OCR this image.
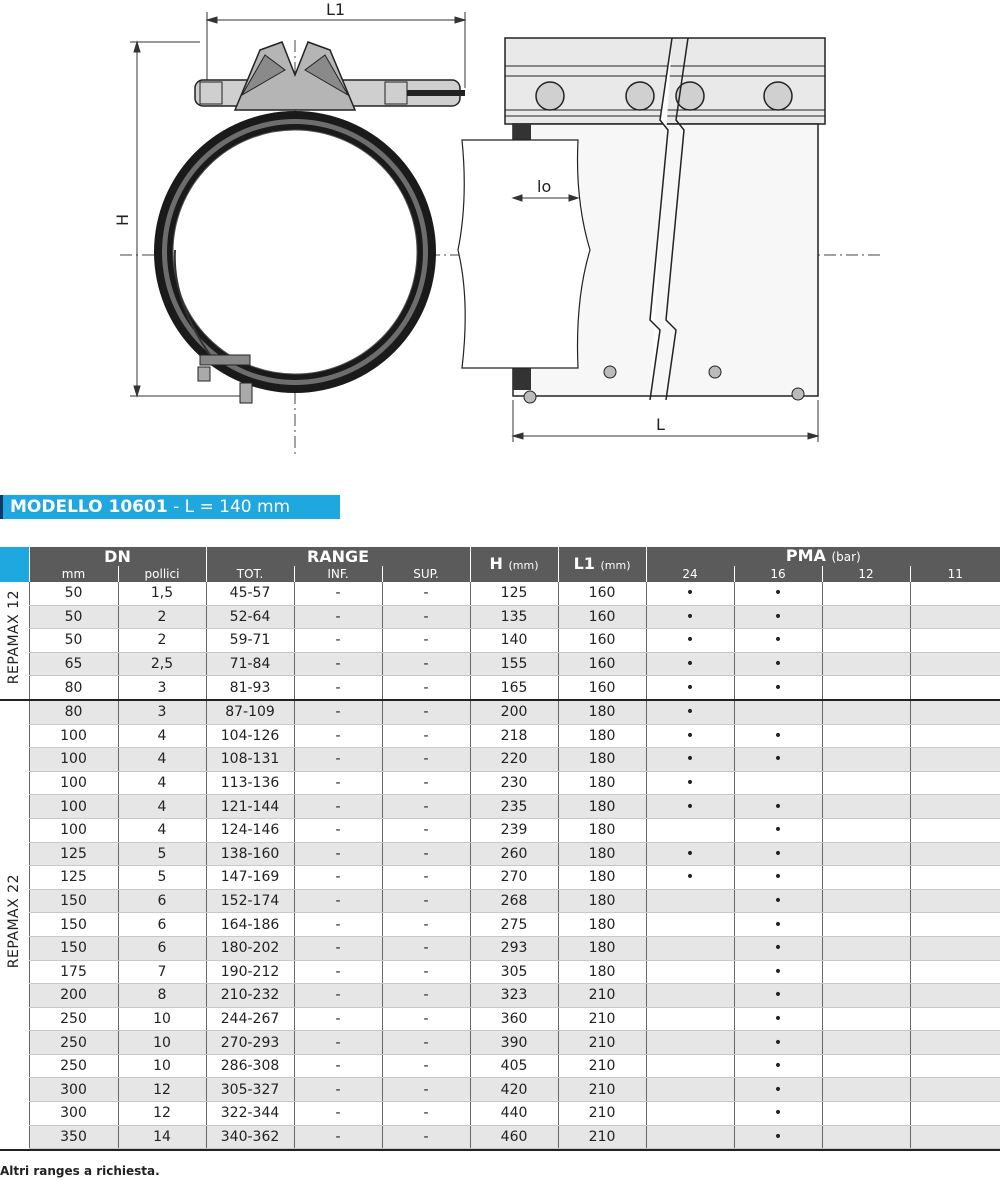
L1
H
lo
L
MODELLO 10601 - L = 140 mm
	DN		RANGE			H (mm)	L1 (mm)	PMA (bar)			
	mm	pollici	TOT.	INF.	SUP.			24	16	12	11
REPAMAX 12	50	1,5	45-57	-	-	125	160	•	•		
	50	2	52-64	-	-	135	160	•	•		
	50	2	59-71	-	-	140	160	•	•		
	65	2,5	71-84	-	-	155	160	•	•		
	80	3	81-93	-	-	165	160	•	•		
REPAMAX 22	80	3	87-109	-	-	200	180	•			
	100	4	104-126	-	-	218	180	•	•		
	100	4	108-131	-	-	220	180	•	•		
	100	4	113-136	-	-	230	180	•			
	100	4	121-144	-	-	235	180	•	•		
	100	4	124-146	-	-	239	180		•		
	125	5	138-160	-	-	260	180	•	•		
	125	5	147-169	-	-	270	180	•	•		
	150	6	152-174	-	-	268	180		•		
	150	6	164-186	-	-	275	180		•		
	150	6	180-202	-	-	293	180		•		
	175	7	190-212	-	-	305	180		•		
	200	8	210-232	-	-	323	210		•		
	250	10	244-267	-	-	360	210		•		
	250	10	270-293	-	-	390	210		•		
	250	10	286-308	-	-	405	210		•		
	300	12	305-327	-	-	420	210		•		
	300	12	322-344	-	-	440	210		•		
	350	14	340-362	-	-	460	210		•		
Altri ranges a richiesta.
